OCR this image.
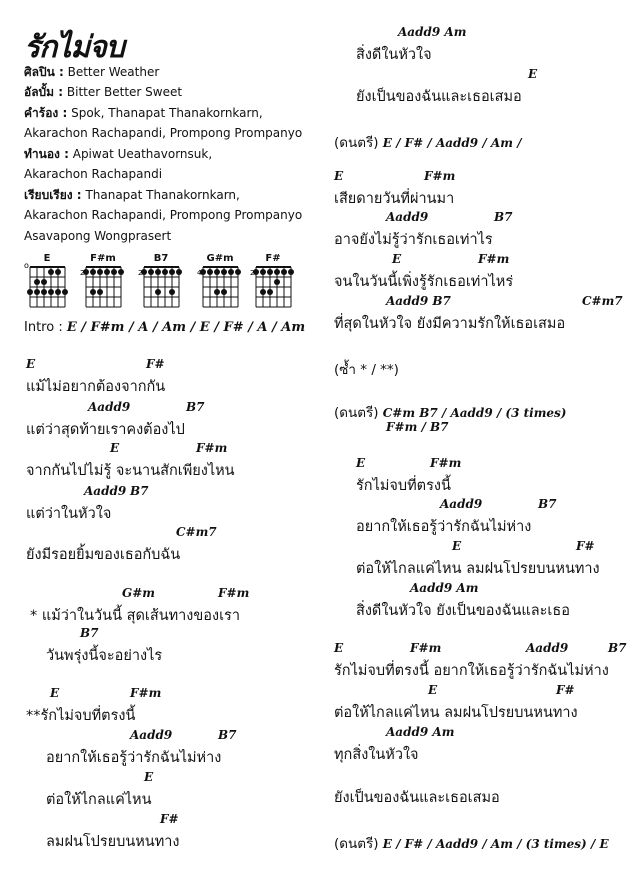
รักไม่จบ
ศิลปิน : Better Weather
อัลบั้ม : Bitter Better Sweet
คำร้อง : Spok, Thanapat Thanakornkarn,
Akarachon Rachapandi, Prompong Prompanyo
ทำนอง : Apiwat Ueathavornsuk,
Akarachon Rachapandi
เรียบเรียง : Thanapat Thanakornkarn,
Akarachon Rachapandi, Prompong Prompanyo
Asavapong Wongprasert
E
o
F#m
2
B7
2
G#m
4
F#
2
Intro : E / F#m / A / Am / E / F# / A / Am
E	F#
แม้ไม่อยากต้องจากกัน
Aadd9	B7
แต่ว่าสุดท้ายเราคงต้องไป
E	F#m
จากกันไปไม่รู้ จะนานสักเพียงไหน
Aadd9 B7
แต่ว่าในหัวใจ
C#m7
ยังมีรอยยิ้มของเธอกับฉัน
G#m	F#m
* แม้ว่าในวันนี้ สุดเส้นทางของเรา
B7
วันพรุ่งนี้จะอย่างไร
E	F#m
**รักไม่จบที่ตรงนี้
Aadd9	B7
อยากให้เธอรู้ว่ารักฉันไม่ห่าง
E
ต่อให้ไกลแค่ไหน
F#
ลมฝนโปรยบนหนทาง
Aadd9 Am
สิ่งดีในหัวใจ
E
ยังเป็นของฉันและเธอเสมอ
(ดนตรี) E / F# / Aadd9 / Am /
E	F#m
เสียดายวันที่ผ่านมา
Aadd9	B7
อาจยังไม่รู้ว่ารักเธอเท่าไร
E	F#m
จนในวันนี้เพิ่งรู้รักเธอเท่าไหร่
Aadd9 B7	C#m7
ที่สุดในหัวใจ ยังมีความรักให้เธอเสมอ
(ซ้ำ * / **)
(ดนตรี) C#m B7 / Aadd9 / (3 times)
F#m / B7
E	F#m
รักไม่จบที่ตรงนี้
Aadd9	B7
อยากให้เธอรู้ว่ารักฉันไม่ห่าง
E	F#
ต่อให้ไกลแค่ไหน ลมฝนโปรยบนหนทาง
Aadd9 Am
สิ่งดีในหัวใจ ยังเป็นของฉันและเธอ
E	F#m	Aadd9	B7
รักไม่จบที่ตรงนี้ อยากให้เธอรู้ว่ารักฉันไม่ห่าง
E	F#
ต่อให้ไกลแค่ไหน ลมฝนโปรยบนหนทาง
Aadd9 Am
ทุกสิ่งในหัวใจ
ยังเป็นของฉันและเธอเสมอ
(ดนตรี) E / F# / Aadd9 / Am / (3 times) / E
